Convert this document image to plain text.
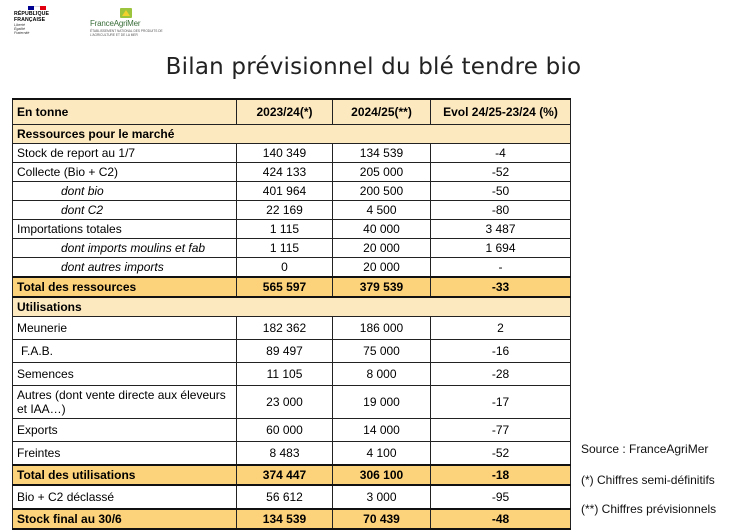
RÉPUBLIQUE
FRANÇAISE
Liberté
Égalité
Fraternité
FranceAgriMer
ÉTABLISSEMENT NATIONAL DES PRODUITS DE L'AGRICULTURE ET DE LA MER
Bilan prévisionnel du blé tendre bio
En tonne	2023/24(*)	2024/25(**)	Evol 24/25-23/24 (%)
Ressources pour le marché			
Stock de report au 1/7	140 349	134 539	-4
Collecte (Bio + C2)	424 133	205 000	-52
dont bio	401 964	200 500	-50
dont C2	22 169	4 500	-80
Importations totales	1 115	40 000	3 487
dont imports moulins et fab	1 115	20 000	1 694
dont autres imports	0	20 000	-
Total des ressources	565 597	379 539	-33
Utilisations			
Meunerie	182 362	186 000	2
F.A.B.	89 497	75 000	-16
Semences	11 105	8 000	-28
Autres (dont vente directe aux éleveurs et IAA…)	23 000	19 000	-17
Exports	60 000	14 000	-77
Freintes	8 483	4 100	-52
Total des utilisations	374 447	306 100	-18
Bio + C2 déclassé	56 612	3 000	-95
Stock final au 30/6	134 539	70 439	-48
Source : FranceAgriMer
(*) Chiffres semi-définitifs
(**) Chiffres prévisionnels
